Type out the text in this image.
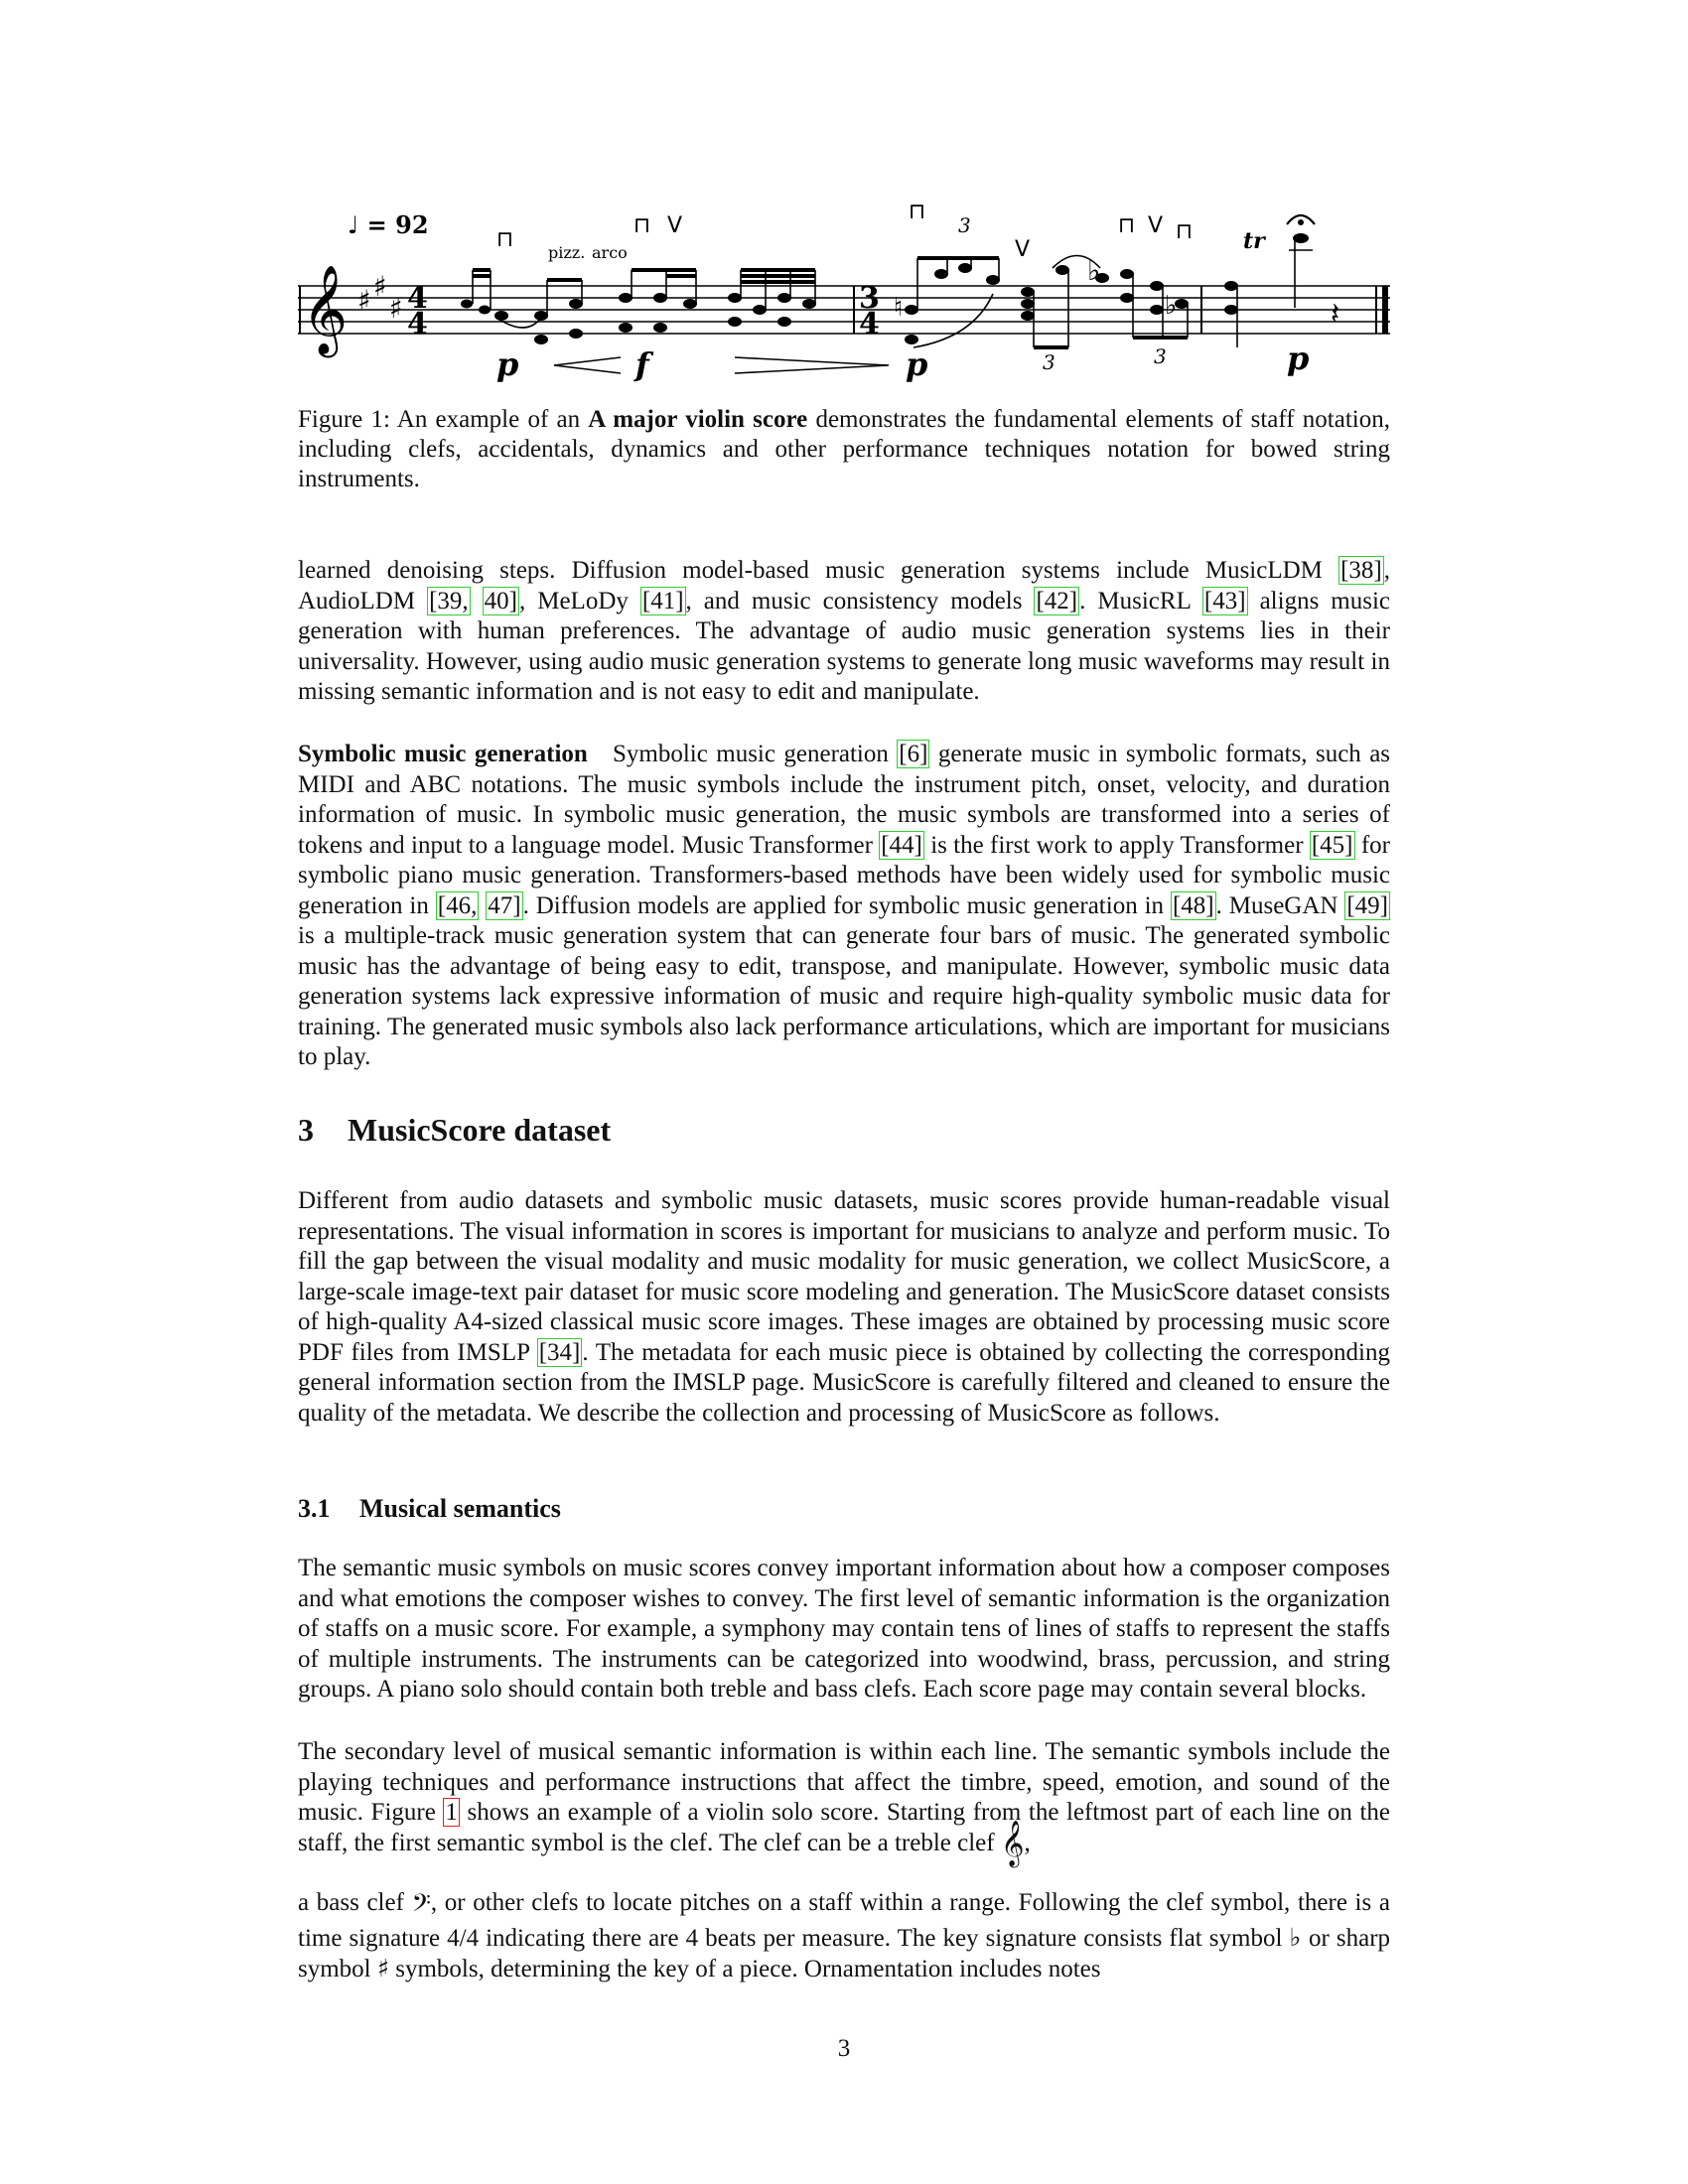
𝄞 ♯ ♯
♯ 4
4
3
4
♩ = 92
pizz. arco
♮
♭
♭	𝄽
⊓
⊓ V
⊓
V
⊓ V ⊓
3
3	3
tr
p	f	p	p

Figure 1: An example of an A major violin score demonstrates the fundamental elements of staff notation, including clefs, accidentals, dynamics and other performance techniques notation for bowed string instruments.

learned denoising steps. Diffusion model-based music generation systems include MusicLDM [38], AudioLDM [39, 40], MeLoDy [41], and music consistency models [42]. MusicRL [43] aligns music generation with human preferences. The advantage of audio music generation systems lies in their universality. However, using audio music generation systems to generate long music waveforms may result in missing semantic information and is not easy to edit and manipulate.

Symbolic music generation Symbolic music generation [6] generate music in symbolic formats, such as MIDI and ABC notations. The music symbols include the instrument pitch, onset, velocity, and duration information of music. In symbolic music generation, the music symbols are transformed into a series of tokens and input to a language model. Music Transformer [44] is the first work to apply Transformer [45] for symbolic piano music generation. Transformers-based methods have been widely used for symbolic music generation in [46, 47]. Diffusion models are applied for symbolic music generation in [48]. MuseGAN [49] is a multiple-track music generation system that can generate four bars of music. The generated symbolic music has the advantage of being easy to edit, transpose, and manipulate. However, symbolic music data generation systems lack expressive information of music and require high-quality symbolic music data for training. The generated music symbols also lack performance articulations, which are important for musicians to play.

3 MusicScore dataset

Different from audio datasets and symbolic music datasets, music scores provide human-readable visual representations. The visual information in scores is important for musicians to analyze and perform music. To fill the gap between the visual modality and music modality for music generation, we collect MusicScore, a large-scale image-text pair dataset for music score modeling and generation. The MusicScore dataset consists of high-quality A4-sized classical music score images. These images are obtained by processing music score PDF files from IMSLP [34]. The metadata for each music piece is obtained by collecting the corresponding general information section from the IMSLP page. MusicScore is carefully filtered and cleaned to ensure the quality of the metadata. We describe the collection and processing of MusicScore as follows.

3.1 Musical semantics

The semantic music symbols on music scores convey important information about how a composer composes and what emotions the composer wishes to convey. The first level of semantic information is the organization of staffs on a music score. For example, a symphony may contain tens of lines of staffs to represent the staffs of multiple instruments. The instruments can be categorized into woodwind, brass, percussion, and string groups. A piano solo should contain both treble and bass clefs. Each score page may contain several blocks.

The secondary level of musical semantic information is within each line. The semantic symbols include the playing techniques and performance instructions that affect the timbre, speed, emotion, and sound of the music. Figure 1 shows an example of a violin solo score. Starting from the leftmost part of each line on the staff, the first semantic symbol is the clef. The clef can be a treble clef 𝄞,

a bass clef 𝄢, or other clefs to locate pitches on a staff within a range. Following the clef symbol, there is a time signature 4/4 indicating there are 4 beats per measure. The key signature consists flat symbol ♭ or sharp symbol ♯ symbols, determining the key of a piece. Ornamentation includes notes

3
